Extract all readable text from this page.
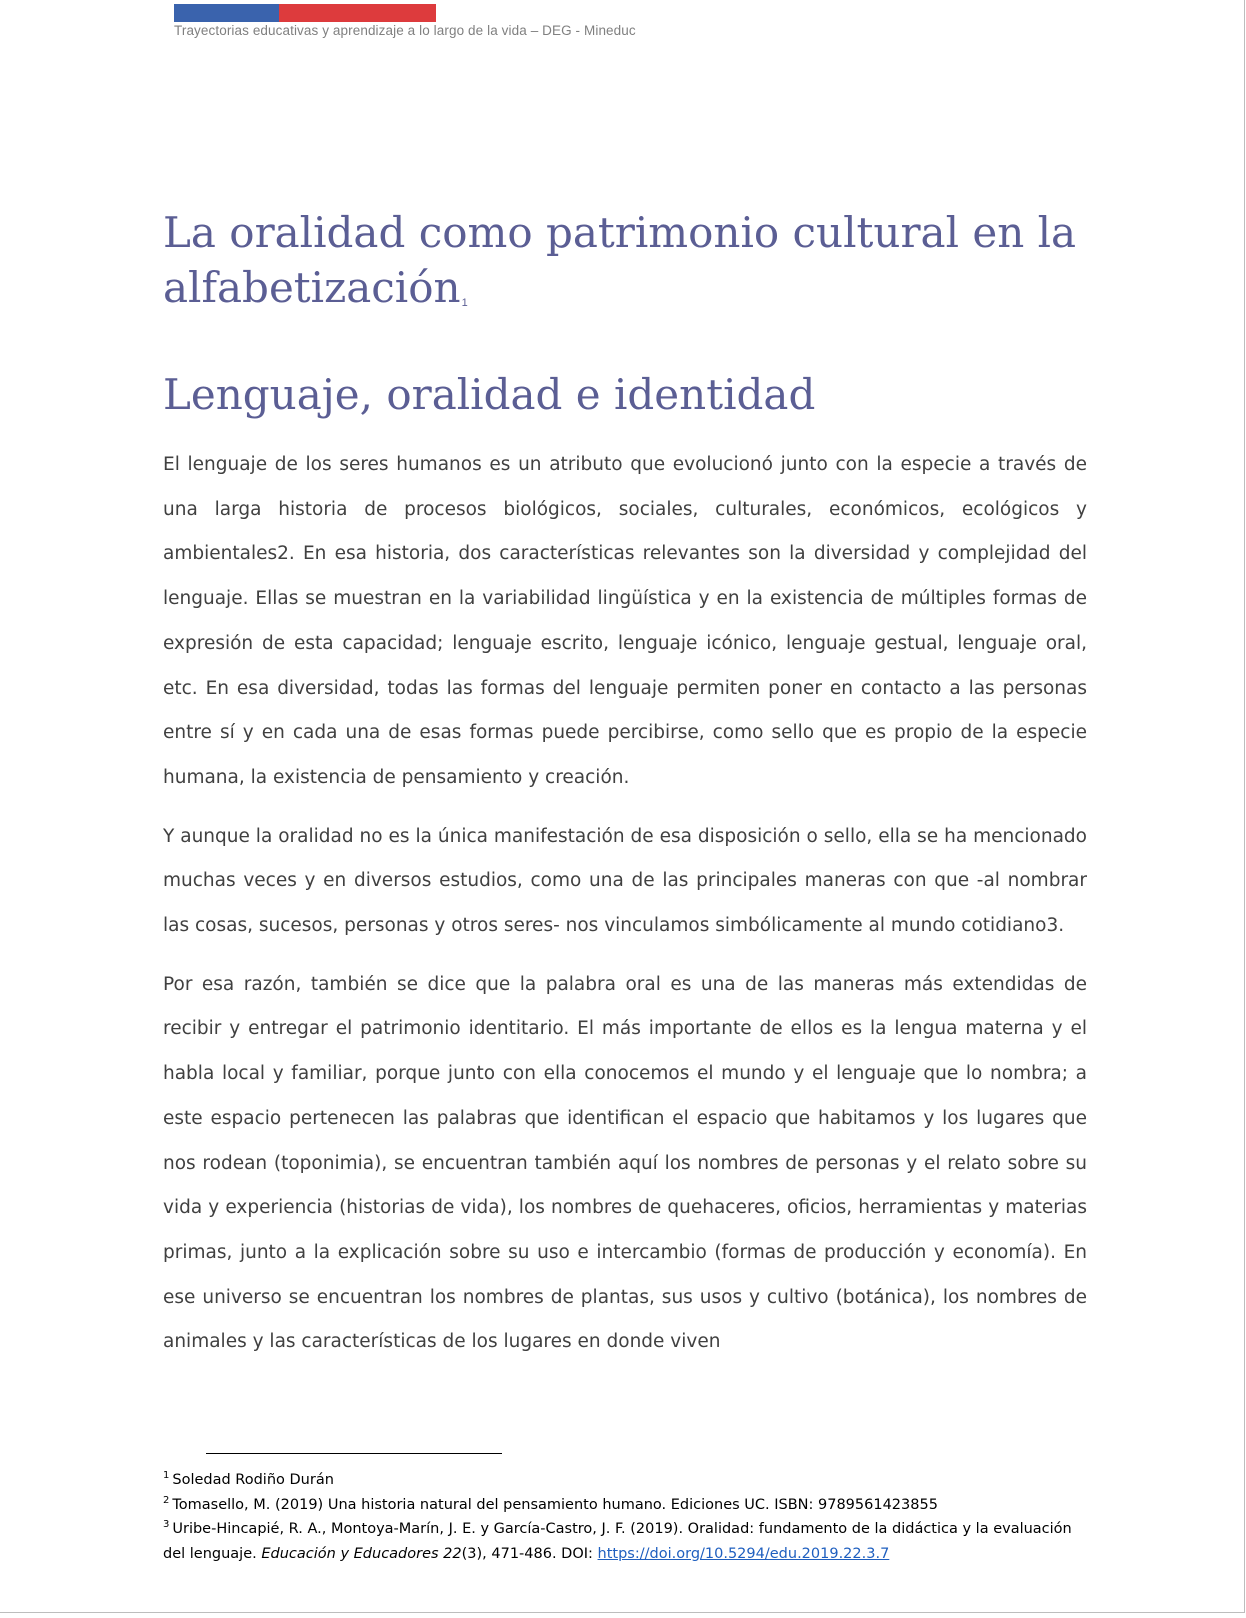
Trayectorias educativas y aprendizaje a lo largo de la vida – DEG - Mineduc
La oralidad como patrimonio cultural en la alfabetización$^1$
Lenguaje, oralidad e identidad

El lenguaje de los seres humanos es un atributo que evolucionó junto con la especie a través de una larga historia de procesos biológicos, sociales, culturales, económicos, ecológicos y ambientales2. En esa historia, dos características relevantes son la diversidad y complejidad del lenguaje. Ellas se muestran en la variabilidad lingüística y en la existencia de múltiples formas de expresión de esta capacidad; lenguaje escrito, lenguaje icónico, lenguaje gestual, lenguaje oral, etc. En esa diversidad, todas las formas del lenguaje permiten poner en contacto a las personas entre sí y en cada una de esas formas puede percibirse, como sello que es propio de la especie humana, la existencia de pensamiento y creación.

Y aunque la oralidad no es la única manifestación de esa disposición o sello, ella se ha mencionado muchas veces y en diversos estudios, como una de las principales maneras con que -al nombrar las cosas, sucesos, personas y otros seres- nos vinculamos simbólicamente al mundo cotidiano3.

Por esa razón, también se dice que la palabra oral es una de las maneras más extendidas de recibir y entregar el patrimonio identitario. El más importante de ellos es la lengua materna y el habla local y familiar, porque junto con ella conocemos el mundo y el lenguaje que lo nombra; a este espacio pertenecen las palabras que identifican el espacio que habitamos y los lugares que nos rodean (toponimia), se encuentran también aquí los nombres de personas y el relato sobre su vida y experiencia (historias de vida), los nombres de quehaceres, oficios, herramientas y materias primas, junto a la explicación sobre su uso e intercambio (formas de producción y economía). En ese universo se encuentran los nombres de plantas, sus usos y cultivo (botánica), los nombres de animales y las características de los lugares en donde viven

$^1$ Soledad Rodiño Durán

$^2$ Tomasello, M. (2019) Una historia natural del pensamiento humano. Ediciones UC. ISBN: 9789561423855

$^3$ Uribe-Hincapié, R. A., Montoya-Marín, J. E. y García-Castro, J. F. (2019). Oralidad: fundamento de la didáctica y la evaluación del lenguaje. Educación y Educadores 22(3), 471-486. DOI: https://doi.org/10.5294/edu.2019.22.3.7
